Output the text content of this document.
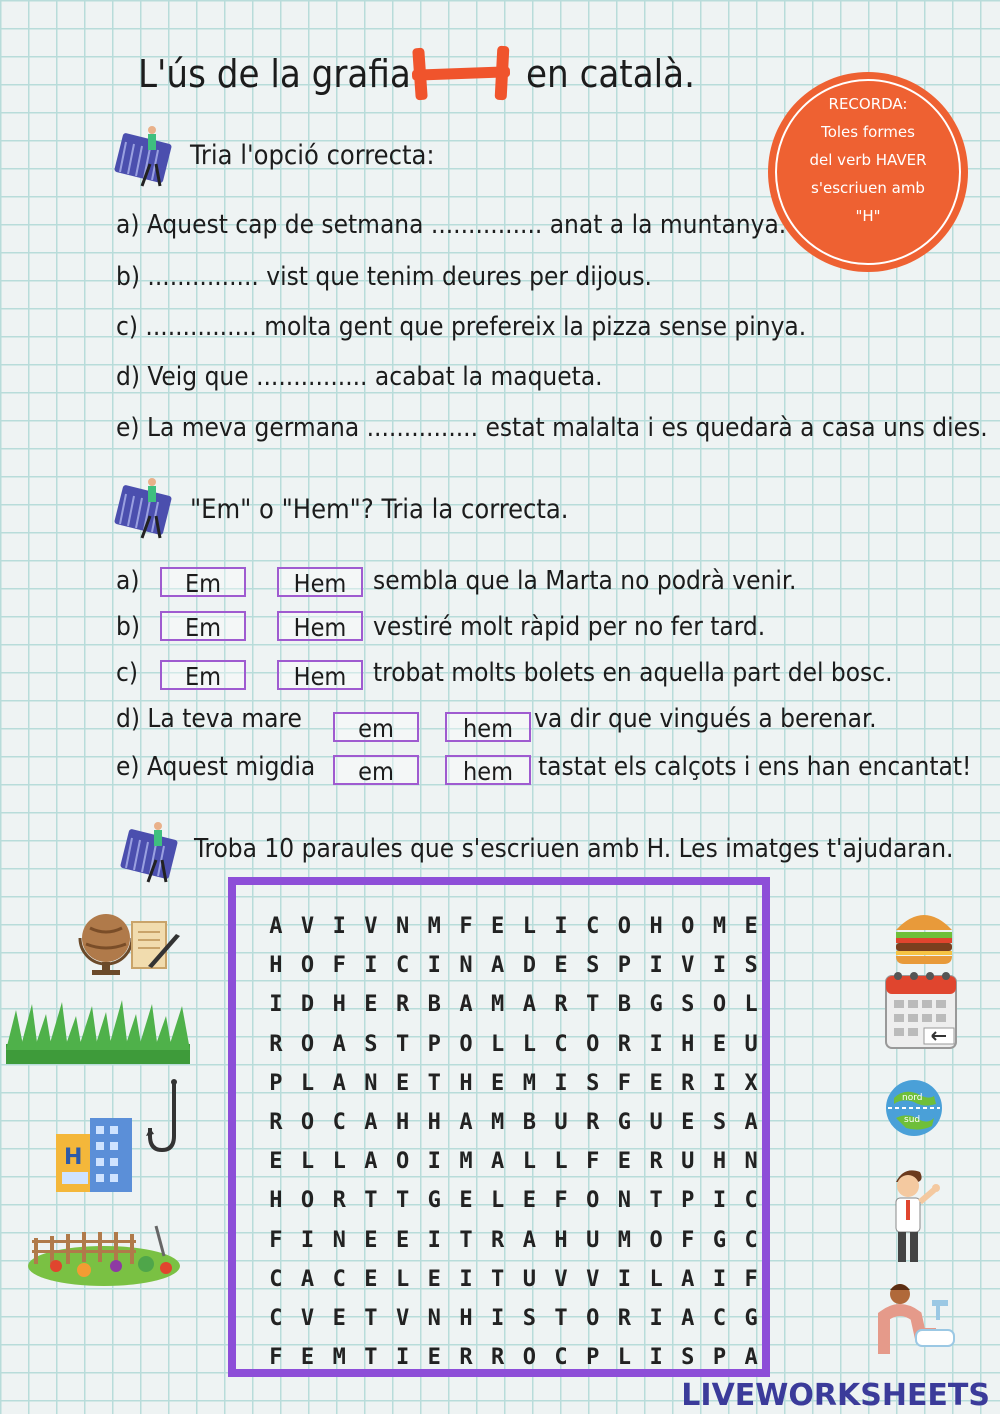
L'ús de la grafia	en català.
RECORDA:
Toles formes
del verb HAVER
s'escriuen amb
"H"
Tria l'opció correcta:
a) Aquest cap de setmana ............... anat a la muntanya.
b) ............... vist que tenim deures per dijous.
c) ............... molta gent que prefereix la pizza sense pinya.
d) Veig que ............... acabat la maqueta.
e) La meva germana ............... estat malalta i es quedarà a casa uns dies.
"Em" o "Hem"? Tria la correcta.
a)	Em	Hem	sembla que la Marta no podrà venir.
b)	Em	Hem	vestiré molt ràpid per no fer tard.
c)	Em	Hem	trobat molts bolets en aquella part del bosc.
d) La teva mare	em	hem va dir que vingués a berenar.
e) Aquest migdia	em	hem tastat els calçots i ens han encantat!
Troba 10 paraules que s'escriuen amb H. Les imatges t'ajudaran.
A V I V N M F E L I C O H O M E
H O F I C I N A D E S P I V I S
I D H E R B A M A R T B G S O L
R O A S T P O L L C O R I H E U
P L A N E T H E M I S F E R I X
R O C A H H A M B U R G U E S A
E L L A O I M A L L F E R U H N
H O R T T G E L E F O N T P I C
F I N E E I T R A H U M O F G C
C A C E L E I T U V V I L A I F
C V E T V N H I S T O R I A C G
F E M T I E R R O C P L I S P A
H
nord
sud
LIVEWORKSHEETS
